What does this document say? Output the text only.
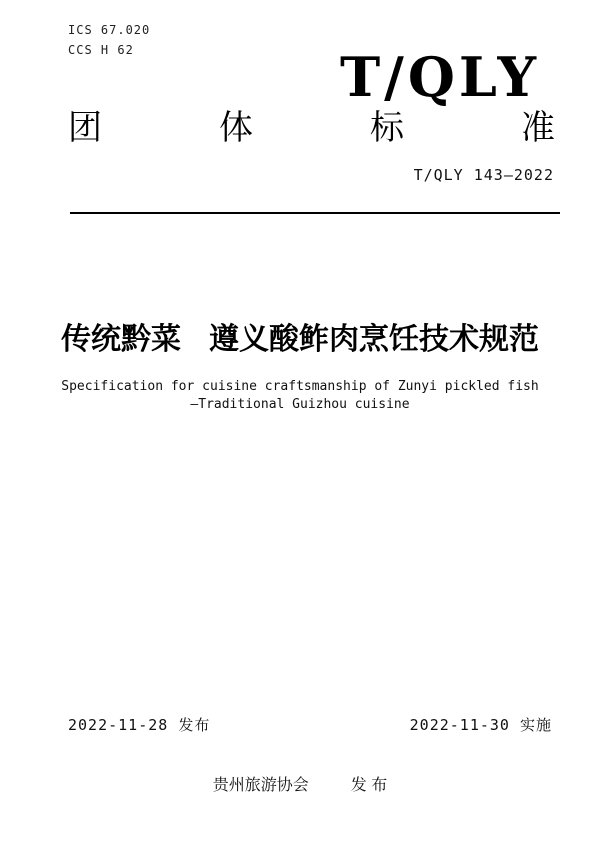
ICS 67.020
CCS H 62	T/QLY
团	体	标	准
T/QLY 143—2022
传统黔菜 遵义酸鲊肉烹饪技术规范
Specification for cuisine craftsmanship of Zunyi pickled fish
—Traditional Guizhou cuisine
2022-11-28 发布	2022-11-30 实施
贵州旅游协会	发 布
